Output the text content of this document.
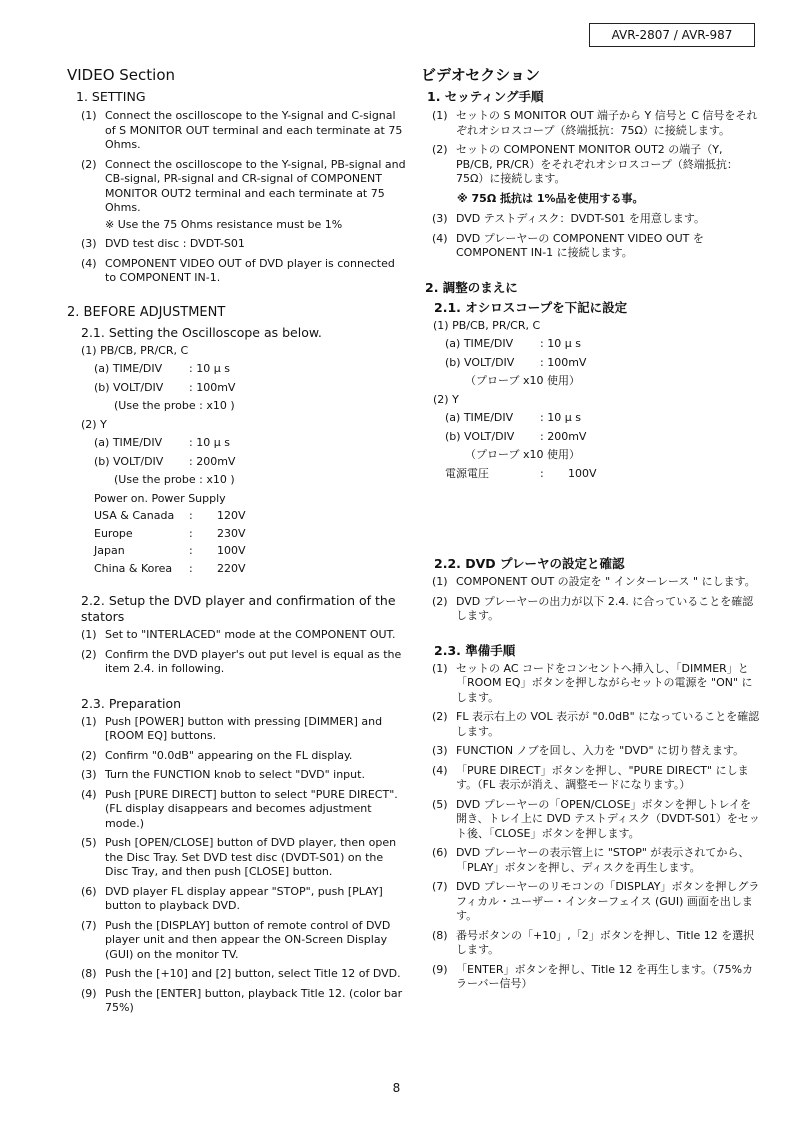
AVR-2807 / AVR-987
VIDEO Section
1. SETTING
(1) Connect the oscilloscope to the Y-signal and C-signal of S MONITOR OUT terminal and each terminate at 75 Ohms.
(2) Connect the oscilloscope to the Y-signal, PB-signal and CB-signal, PR-signal and CR-signal of COMPONENT MONITOR OUT2 terminal and each terminate at 75 Ohms.
※ Use the 75 Ohms resistance must be 1%
(3) DVD test disc : DVDT-S01
(4) COMPONENT VIDEO OUT of DVD player is connected to COMPONENT IN-1.
2. BEFORE ADJUSTMENT
2.1. Setting the Oscilloscope as below.
(1) PB/CB, PR/CR, C
(a) TIME/DIV : 10 μ s
(b) VOLT/DIV : 100mV
(Use the probe : x10 )
(2) Y
(a) TIME/DIV : 10 μ s
(b) VOLT/DIV : 200mV
(Use the probe : x10 )
Power on. Power Supply
USA & Canada : 120V
Europe	: 230V
Japan	: 100V
China & Korea : 220V
2.2. Setup the DVD player and confirmation of the stators
(1) Set to "INTERLACED" mode at the COMPONENT OUT.
(2) Confirm the DVD player's out put level is equal as the item 2.4. in following.
2.3. Preparation
(1) Push [POWER] button with pressing [DIMMER] and [ROOM EQ] buttons.
(2) Confirm "0.0dB" appearing on the FL display.
(3) Turn the FUNCTION knob to select "DVD" input.
(4) Push [PURE DIRECT] button to select "PURE DIRECT". (FL display disappears and becomes adjustment mode.)
(5) Push [OPEN/CLOSE] button of DVD player, then open the Disc Tray. Set DVD test disc (DVDT-S01) on the Disc Tray, and then push [CLOSE] button.
(6) DVD player FL display appear "STOP", push [PLAY] button to playback DVD.
(7) Push the [DISPLAY] button of remote control of DVD player unit and then appear the ON-Screen Display (GUI) on the monitor TV.
(8) Push the [+10] and [2] button, select Title 12 of DVD.
(9) Push the [ENTER] button, playback Title 12. (color bar 75%)
ビデオセクション
1. セッティング手順
(1) セットの S MONITOR OUT 端子から Y 信号と C 信号をそれぞれオシロスコープ（終端抵抗：75Ω）に接続します。
(2) セットの COMPONENT MONITOR OUT2 の端子（Y, PB/CB, PR/CR）をそれぞれオシロスコープ（終端抵抗：75Ω）に接続します。
※ 75Ω 抵抗は 1%品を使用する事。
(3) DVD テストディスク：DVDT-S01 を用意します。
(4) DVD プレーヤーの COMPONENT VIDEO OUT を COMPONENT IN-1 に接続します。
2. 調整のまえに
2.1. オシロスコープを下記に設定
(1) PB/CB, PR/CR, C
(a) TIME/DIV : 10 μ s
(b) VOLT/DIV : 100mV
（プローブ x10 使用）
(2) Y
(a) TIME/DIV : 10 μ s
(b) VOLT/DIV : 200mV
（プローブ x10 使用）
電源電圧	: 100V
2.2. DVD プレーヤの設定と確認
(1) COMPONENT OUT の設定を " インターレース " にします。
(2) DVD プレーヤーの出力が以下 2.4. に合っていることを確認します。
2.3. 準備手順
(1) セットの AC コードをコンセントへ挿入し、「DIMMER」と「ROOM EQ」ボタンを押しながらセットの電源を "ON" にします。
(2) FL 表示右上の VOL 表示が "0.0dB" になっていることを確認します。
(3) FUNCTION ノブを回し、入力を "DVD" に切り替えます。
(4) 「PURE DIRECT」ボタンを押し、"PURE DIRECT" にします。（FL 表示が消え、調整モードになります。）
(5) DVD プレーヤーの「OPEN/CLOSE」ボタンを押しトレイを開き、トレイ上に DVD テストディスク（DVDT-S01）をセット後、「CLOSE」ボタンを押します。
(6) DVD プレーヤーの表示管上に "STOP" が表示されてから、「PLAY」ボタンを押し、ディスクを再生します。
(7) DVD プレーヤーのリモコンの「DISPLAY」ボタンを押しグラフィカル・ユーザー・インターフェイス (GUI) 画面を出します。
(8) 番号ボタンの「+10」,「2」ボタンを押し、Title 12 を選択します。
(9) 「ENTER」ボタンを押し、Title 12 を再生します。（75%カラーバー信号）
8
